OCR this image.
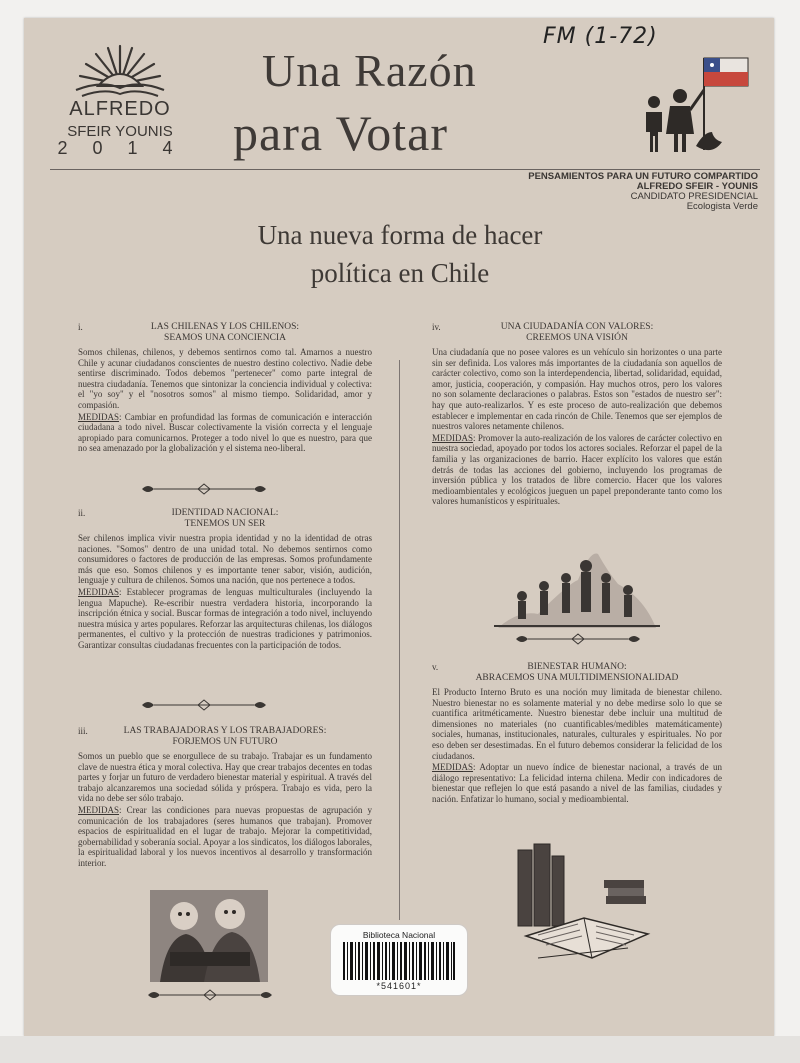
FM (1-72)
ALFREDO
SFEIR YOUNIS
2 0 1 4
Una Razón
para Votar
PENSAMIENTOS PARA UN FUTURO COMPARTIDO
ALFREDO SFEIR - YOUNIS
CANDIDATO PRESIDENCIAL
Ecologista Verde
Una nueva forma de hacer
política en Chile
i.	LAS CHILENAS Y LOS CHILENOS:
SEAMOS UNA CONCIENCIA

Somos chilenas, chilenos, y debemos sentirnos como tal. Amarnos a nuestro Chile y acunar ciudadanos conscientes de nuestro destino colectivo. Nadie debe sentirse discriminado. Todos debemos "pertenecer" como parte integral de nuestra ciudadanía. Tenemos que sintonizar la conciencia individual y colectiva: el "yo soy" y el "nosotros somos" al mismo tiempo. Solidaridad, amor y compasión.

MEDIDAS: Cambiar en profundidad las formas de comunicación e interacción ciudadana a todo nivel. Buscar colectivamente la visión correcta y el lenguaje apropiado para comunicarnos. Proteger a todo nivel lo que es nuestro, para que no sea amenazado por la globalización y el sistema neo-liberal.

ii.	IDENTIDAD NACIONAL:
TENEMOS UN SER

Ser chilenos implica vivir nuestra propia identidad y no la identidad de otras naciones. "Somos" dentro de una unidad total. No debemos sentirnos como consumidores o factores de producción de las empresas. Somos profundamente más que eso. Somos chilenos y es importante tener sabor, visión, audición, lenguaje y cultura de chilenos. Somos una nación, que nos pertenece a todos.

MEDIDAS: Establecer programas de lenguas multiculturales (incluyendo la lengua Mapuche). Re-escribir nuestra verdadera historia, incorporando la inscripción étnica y social. Buscar formas de integración a todo nivel, incluyendo nuestra música y artes populares. Reforzar las arquitecturas chilenas, los diálogos permanentes, el cultivo y la protección de nuestras tradiciones y patrimonios. Garantizar consultas ciudadanas frecuentes con la participación de todos.

iii.	LAS TRABAJADORAS Y LOS TRABAJADORES:
FORJEMOS UN FUTURO

Somos un pueblo que se enorgullece de su trabajo. Trabajar es un fundamento clave de nuestra ética y moral colectiva. Hay que crear trabajos decentes en todas partes y forjar un futuro de verdadero bienestar material y espiritual. A través del trabajo alcanzaremos una sociedad sólida y próspera. Trabajo es vida, pero la vida no debe ser sólo trabajo.

MEDIDAS: Crear las condiciones para nuevas propuestas de agrupación y comunicación de los trabajadores (seres humanos que trabajan). Promover espacios de espiritualidad en el lugar de trabajo. Mejorar la competitividad, gobernabilidad y soberanía social. Apoyar a los sindicatos, los diálogos laborales, la espiritualidad laboral y los nuevos incentivos al desarrollo y transformación interior.

iv.	UNA CIUDADANÍA CON VALORES:
CREEMOS UNA VISIÓN

Una ciudadanía que no posee valores es un vehículo sin horizontes o una parte sin ser definida. Los valores más importantes de la ciudadanía son aquellos de carácter colectivo, como son la interdependencia, libertad, solidaridad, equidad, amor, justicia, cooperación, y compasión. Hay muchos otros, pero los valores no son solamente declaraciones o palabras. Estos son "estados de nuestro ser": hay que auto-realizarlos. Y es este proceso de auto-realización que debemos establecer e implementar en cada rincón de Chile. Tenemos que ser ejemplos de nuestros valores netamente chilenos.

MEDIDAS: Promover la auto-realización de los valores de carácter colectivo en nuestra sociedad, apoyado por todos los actores sociales. Reforzar el papel de la familia y las organizaciones de barrio. Hacer explícito los valores que están detrás de todas las acciones del gobierno, incluyendo los programas de inversión pública y los tratados de libre comercio. Hacer que los valores medioambientales y ecológicos jueguen un papel preponderante tanto como los valores humanísticos y espirituales.

v.	BIENESTAR HUMANO:
ABRACEMOS UNA MULTIDIMENSIONALIDAD

El Producto Interno Bruto es una noción muy limitada de bienestar chileno. Nuestro bienestar no es solamente material y no debe medirse solo lo que se cuantifica aritméticamente. Nuestro bienestar debe incluir una multitud de dimensiones no materiales (no cuantificables/medibles matemáticamente) sociales, humanas, institucionales, naturales, culturales y espirituales. No por eso deben ser desestimadas. En el futuro debemos considerar la felicidad de los ciudadanos.

MEDIDAS: Adoptar un nuevo índice de bienestar nacional, a través de un diálogo representativo: La felicidad interna chilena. Medir con indicadores de bienestar que reflejen lo que está pasando a nivel de las familias, ciudades y nación. Enfatizar lo humano, social y medioambiental.

Biblioteca Nacional
*541601*
